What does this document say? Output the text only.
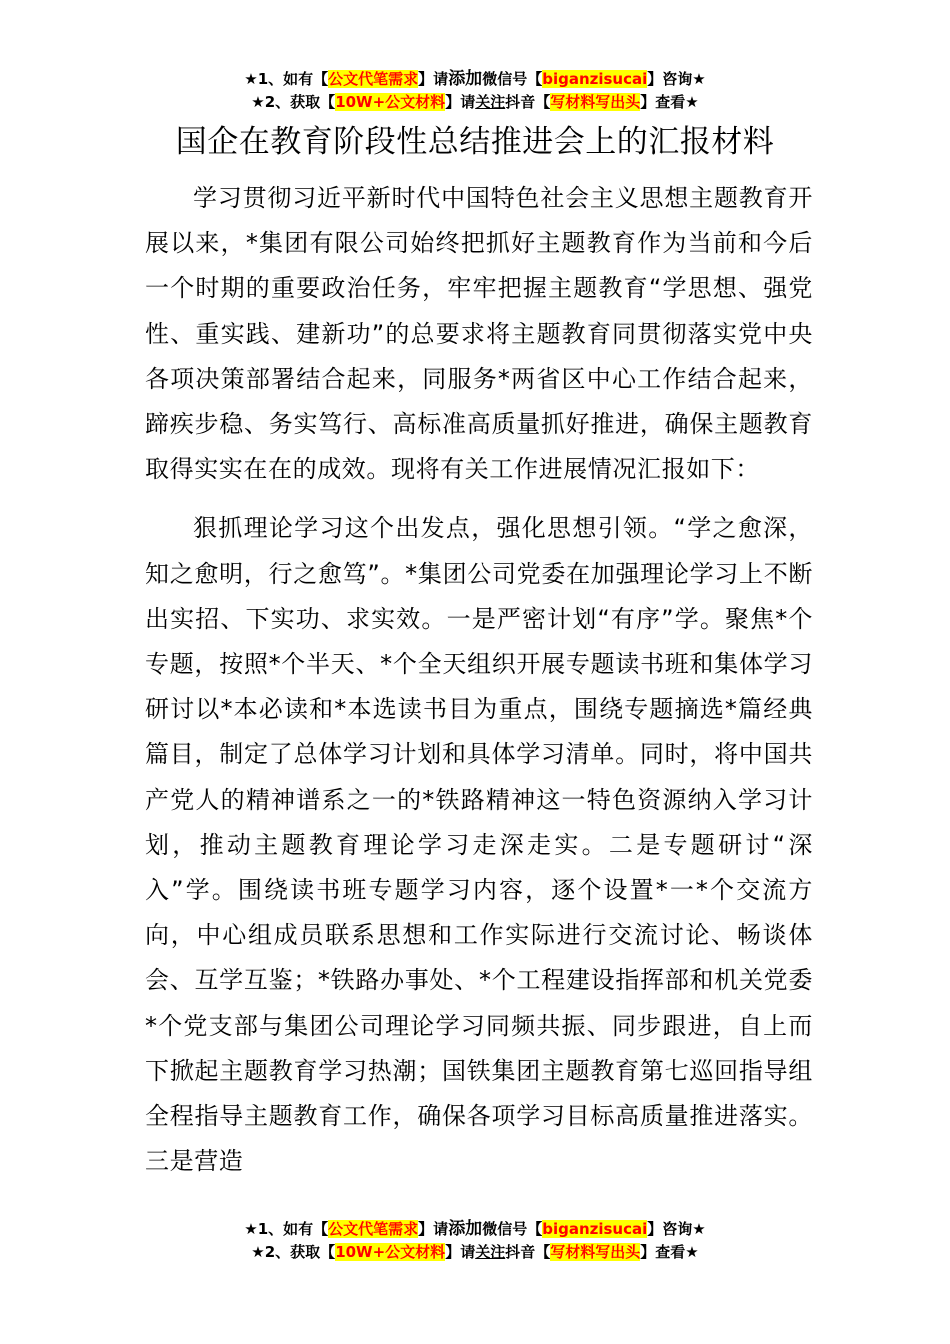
★1、如有【公文代笔需求】请添加微信号【biganzisucai】咨询★
★2、获取【10W+公文材料】请关注抖音【写材料写出头】查看★
国企在教育阶段性总结推进会上的汇报材料

学习贯彻习近平新时代中国特色社会主义思想主题教育开展以来，*集团有限公司始终把抓好主题教育作为当前和今后一个时期的重要政治任务，牢牢把握主题教育“学思想、强党性、重实践、建新功”的总要求将主题教育同贯彻落实党中央各项决策部署结合起来，同服务*两省区中心工作结合起来，蹄疾步稳、务实笃行、高标准高质量抓好推进，确保主题教育取得实实在在的成效。现将有关工作进展情况汇报如下：

狠抓理论学习这个出发点，强化思想引领。“学之愈深，知之愈明，行之愈笃”。*集团公司党委在加强理论学习上不断出实招、下实功、求实效。一是严密计划“有序”学。聚焦*个专题，按照*个半天、*个全天组织开展专题读书班和集体学习研讨以*本必读和*本选读书目为重点，围绕专题摘选*篇经典篇目，制定了总体学习计划和具体学习清单。同时，将中国共产党人的精神谱系之一的*铁路精神这一特色资源纳入学习计划，推动主题教育理论学习走深走实。二是专题研讨“深入”学。围绕读书班专题学习内容，逐个设置*一*个交流方向，中心组成员联系思想和工作实际进行交流讨论、畅谈体会、互学互鉴；*铁路办事处、*个工程建设指挥部和机关党委*个党支部与集团公司理论学习同频共振、同步跟进，自上而下掀起主题教育学习热潮；国铁集团主题教育第七巡回指导组全程指导主题教育工作，确保各项学习目标高质量推进落实。三是营造

★1、如有【公文代笔需求】请添加微信号【biganzisucai】咨询★
★2、获取【10W+公文材料】请关注抖音【写材料写出头】查看★
